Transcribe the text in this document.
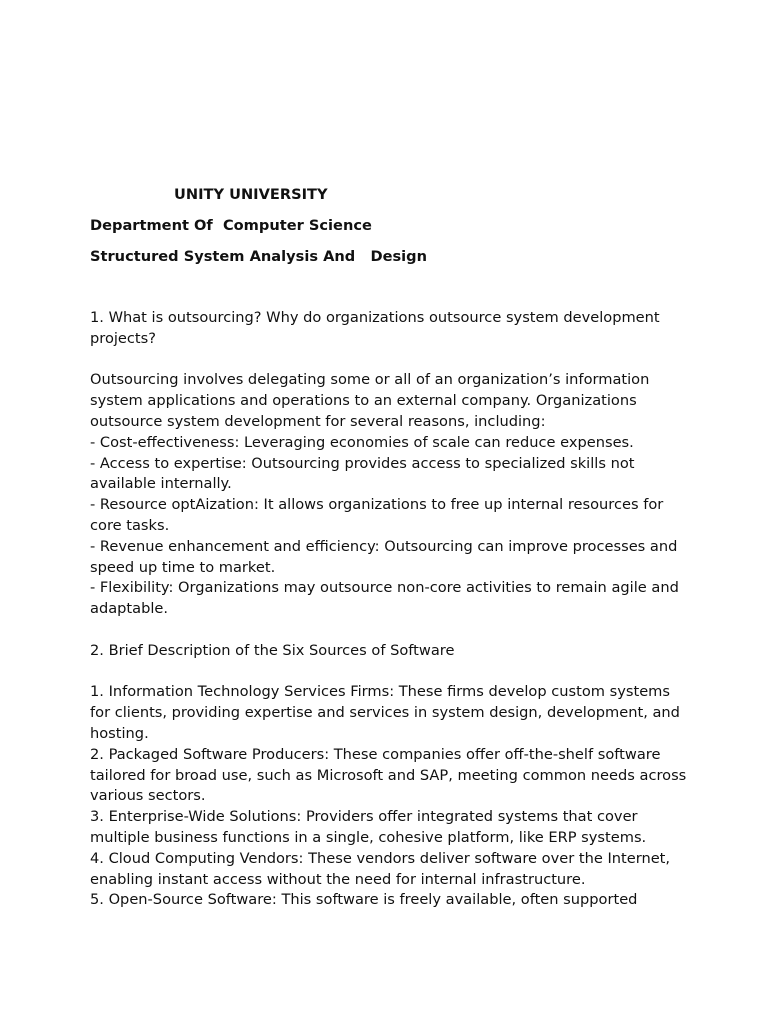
UNITY UNIVERSITY

Department Of  Computer Science

Structured System Analysis And   Design

1. What is outsourcing? Why do organizations outsource system development projects?

Outsourcing involves delegating some or all of an organization’s information system applications and operations to an external company. Organizations outsource system development for several reasons, including:

- Cost-effectiveness: Leveraging economies of scale can reduce expenses.

- Access to expertise: Outsourcing provides access to specialized skills not available internally.

- Resource optAization: It allows organizations to free up internal resources for core tasks.

- Revenue enhancement and efficiency: Outsourcing can improve processes and speed up time to market.

- Flexibility: Organizations may outsource non-core activities to remain agile and adaptable.

2. Brief Description of the Six Sources of Software

1. Information Technology Services Firms: These firms develop custom systems for clients, providing expertise and services in system design, development, and hosting.

2. Packaged Software Producers: These companies offer off-the-shelf software tailored for broad use, such as Microsoft and SAP, meeting common needs across various sectors.

3. Enterprise-Wide Solutions: Providers offer integrated systems that cover multiple business functions in a single, cohesive platform, like ERP systems.

4. Cloud Computing Vendors: These vendors deliver software over the Internet, enabling instant access without the need for internal infrastructure.

5. Open-Source Software: This software is freely available, often supported
